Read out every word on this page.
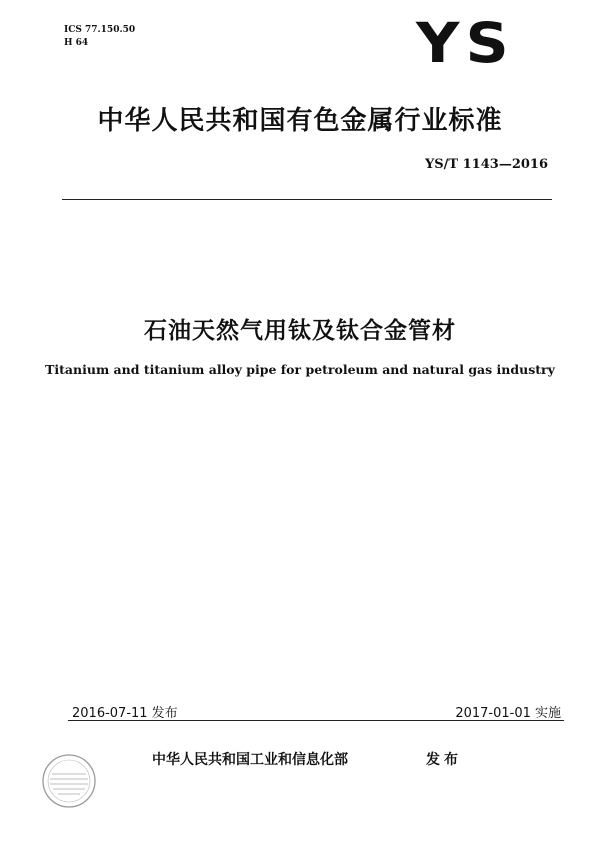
ICS 77.150.50
H 64	YS
中华人民共和国有色金属行业标准
YS/T 1143—2016
石油天然气用钛及钛合金管材
Titanium and titanium alloy pipe for petroleum and natural gas industry
2016-07-11 发布	2017-01-01 实施
中华人民共和国工业和信息化部	发布
